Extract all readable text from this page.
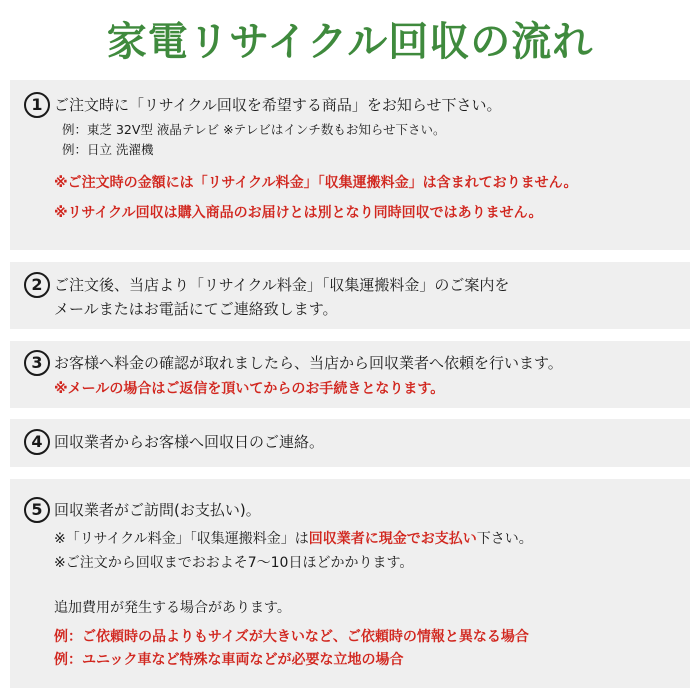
家電リサイクル回収の流れ
1 ご注文時に「リサイクル回収を希望する商品」をお知らせ下さい。
例：東芝 32V型 液晶テレビ ※テレビはインチ数もお知らせ下さい。
例：日立 洗濯機
※ご注文時の金額には「リサイクル料金」「収集運搬料金」は含まれておりません。
※リサイクル回収は購入商品のお届けとは別となり同時回収ではありません。
2 ご注文後、当店より「リサイクル料金」「収集運搬料金」のご案内を
メールまたはお電話にてご連絡致します。
3 お客様へ料金の確認が取れましたら、当店から回収業者へ依頼を行います。
※メールの場合はご返信を頂いてからのお手続きとなります。
4 回収業者からお客様へ回収日のご連絡。
5 回収業者がご訪問(お支払い)。
※「リサイクル料金」「収集運搬料金」は回収業者に現金でお支払い下さい。
※ご注文から回収までおおよそ7〜10日ほどかかります。
追加費用が発生する場合があります。
例：ご依頼時の品よりもサイズが大きいなど、ご依頼時の情報と異なる場合
例：ユニック車など特殊な車両などが必要な立地の場合
